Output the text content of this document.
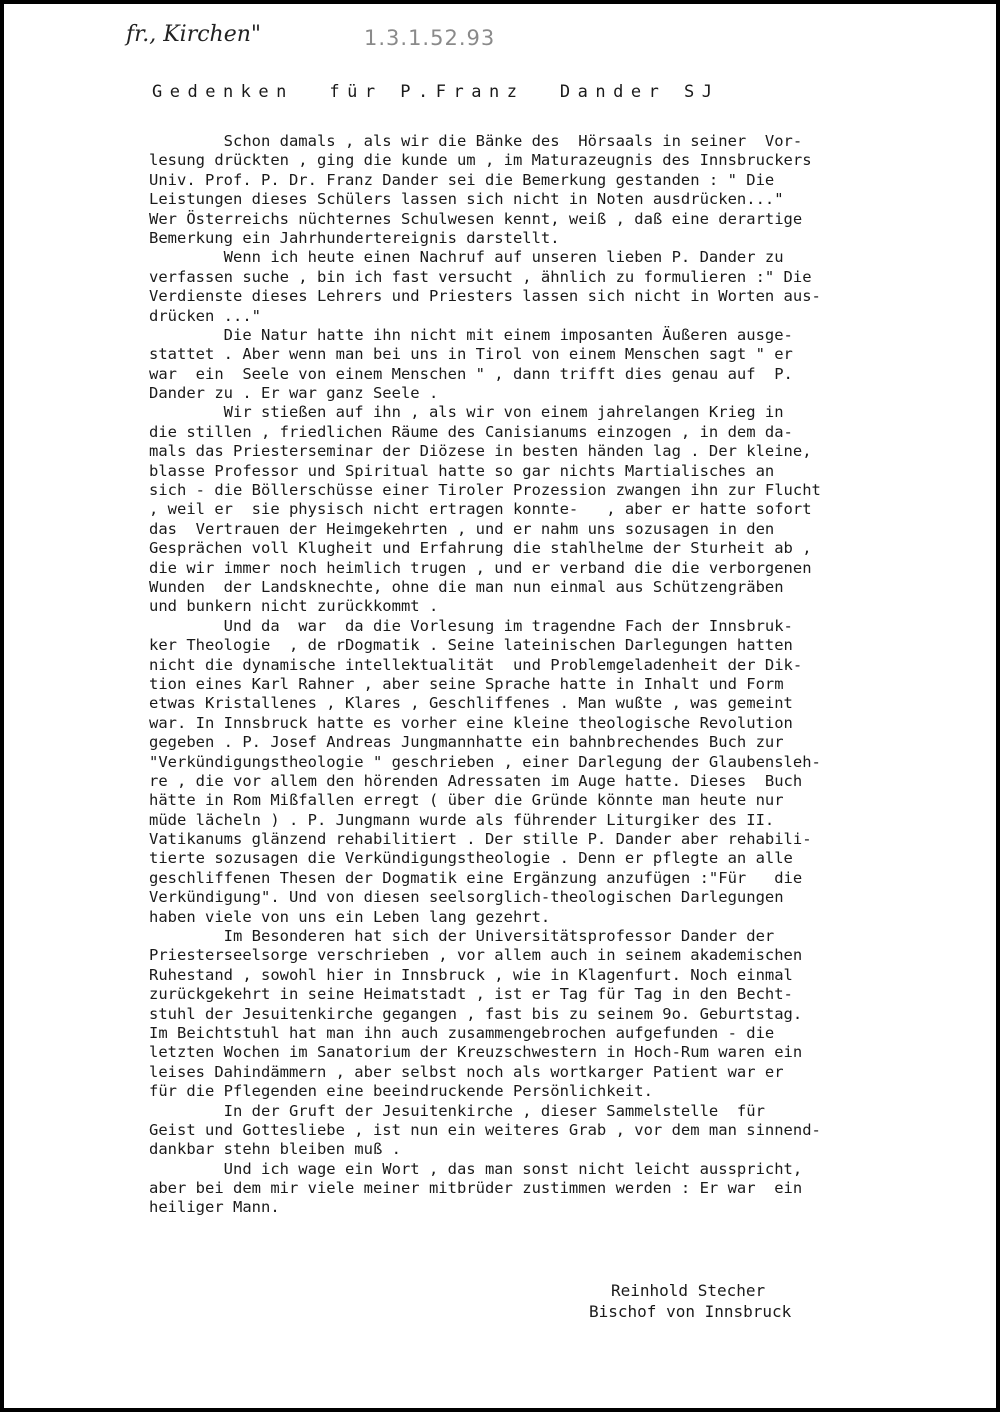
fr., Kirchen"	1.3.1.52.93
Gedenken  für P.Franz  Dander SJ
Schon damals , als wir die Bänke des  Hörsaals in seiner  Vor-
lesung drückten , ging die kunde um , im Maturazeugnis des Innsbruckers
Univ. Prof. P. Dr. Franz Dander sei die Bemerkung gestanden : " Die
Leistungen dieses Schülers lassen sich nicht in Noten ausdrücken..."
Wer Österreichs nüchternes Schulwesen kennt, weiß , daß eine derartige
Bemerkung ein Jahrhundertereignis darstellt.
Wenn ich heute einen Nachruf auf unseren lieben P. Dander zu
verfassen suche , bin ich fast versucht , ähnlich zu formulieren :" Die
Verdienste dieses Lehrers und Priesters lassen sich nicht in Worten aus-
drücken ..."
Die Natur hatte ihn nicht mit einem imposanten Äußeren ausge-
stattet . Aber wenn man bei uns in Tirol von einem Menschen sagt " er
war  ein  Seele von einem Menschen " , dann trifft dies genau auf  P.
Dander zu . Er war ganz Seele .
Wir stießen auf ihn , als wir von einem jahrelangen Krieg in
die stillen , friedlichen Räume des Canisianums einzogen , in dem da-
mals das Priesterseminar der Diözese in besten händen lag . Der kleine,
blasse Professor und Spiritual hatte so gar nichts Martialisches an
sich - die Böllerschüsse einer Tiroler Prozession zwangen ihn zur Flucht
, weil er  sie physisch nicht ertragen konnte-   , aber er hatte sofort
das  Vertrauen der Heimgekehrten , und er nahm uns sozusagen in den
Gesprächen voll Klugheit und Erfahrung die stahlhelme der Sturheit ab ,
die wir immer noch heimlich trugen , und er verband die die verborgenen
Wunden  der Landsknechte, ohne die man nun einmal aus Schützengräben
und bunkern nicht zurückkommt .
Und da  war  da die Vorlesung im tragendne Fach der Innsbruk-
ker Theologie  , de rDogmatik . Seine lateinischen Darlegungen hatten
nicht die dynamische intellektualität  und Problemgeladenheit der Dik-
tion eines Karl Rahner , aber seine Sprache hatte in Inhalt und Form
etwas Kristallenes , Klares , Geschliffenes . Man wußte , was gemeint
war. In Innsbruck hatte es vorher eine kleine theologische Revolution
gegeben . P. Josef Andreas Jungmannhatte ein bahnbrechendes Buch zur
"Verkündigungstheologie " geschrieben , einer Darlegung der Glaubensleh-
re , die vor allem den hörenden Adressaten im Auge hatte. Dieses  Buch
hätte in Rom Mißfallen erregt ( über die Gründe könnte man heute nur
müde lächeln ) . P. Jungmann wurde als führender Liturgiker des II.
Vatikanums glänzend rehabilitiert . Der stille P. Dander aber rehabili-
tierte sozusagen die Verkündigungstheologie . Denn er pflegte an alle
geschliffenen Thesen der Dogmatik eine Ergänzung anzufügen :"Für   die
Verkündigung". Und von diesen seelsorglich-theologischen Darlegungen
haben viele von uns ein Leben lang gezehrt.
Im Besonderen hat sich der Universitätsprofessor Dander der
Priesterseelsorge verschrieben , vor allem auch in seinem akademischen
Ruhestand , sowohl hier in Innsbruck , wie in Klagenfurt. Noch einmal
zurückgekehrt in seine Heimatstadt , ist er Tag für Tag in den Becht-
stuhl der Jesuitenkirche gegangen , fast bis zu seinem 9o. Geburtstag.
Im Beichtstuhl hat man ihn auch zusammengebrochen aufgefunden - die
letzten Wochen im Sanatorium der Kreuzschwestern in Hoch-Rum waren ein
leises Dahindämmern , aber selbst noch als wortkarger Patient war er
für die Pflegenden eine beeindruckende Persönlichkeit.
In der Gruft der Jesuitenkirche , dieser Sammelstelle  für
Geist und Gottesliebe , ist nun ein weiteres Grab , vor dem man sinnend-
dankbar stehn bleiben muß .
Und ich wage ein Wort , das man sonst nicht leicht ausspricht,
aber bei dem mir viele meiner mitbrüder zustimmen werden : Er war  ein
heiliger Mann.
Reinhold Stecher
Bischof von Innsbruck
